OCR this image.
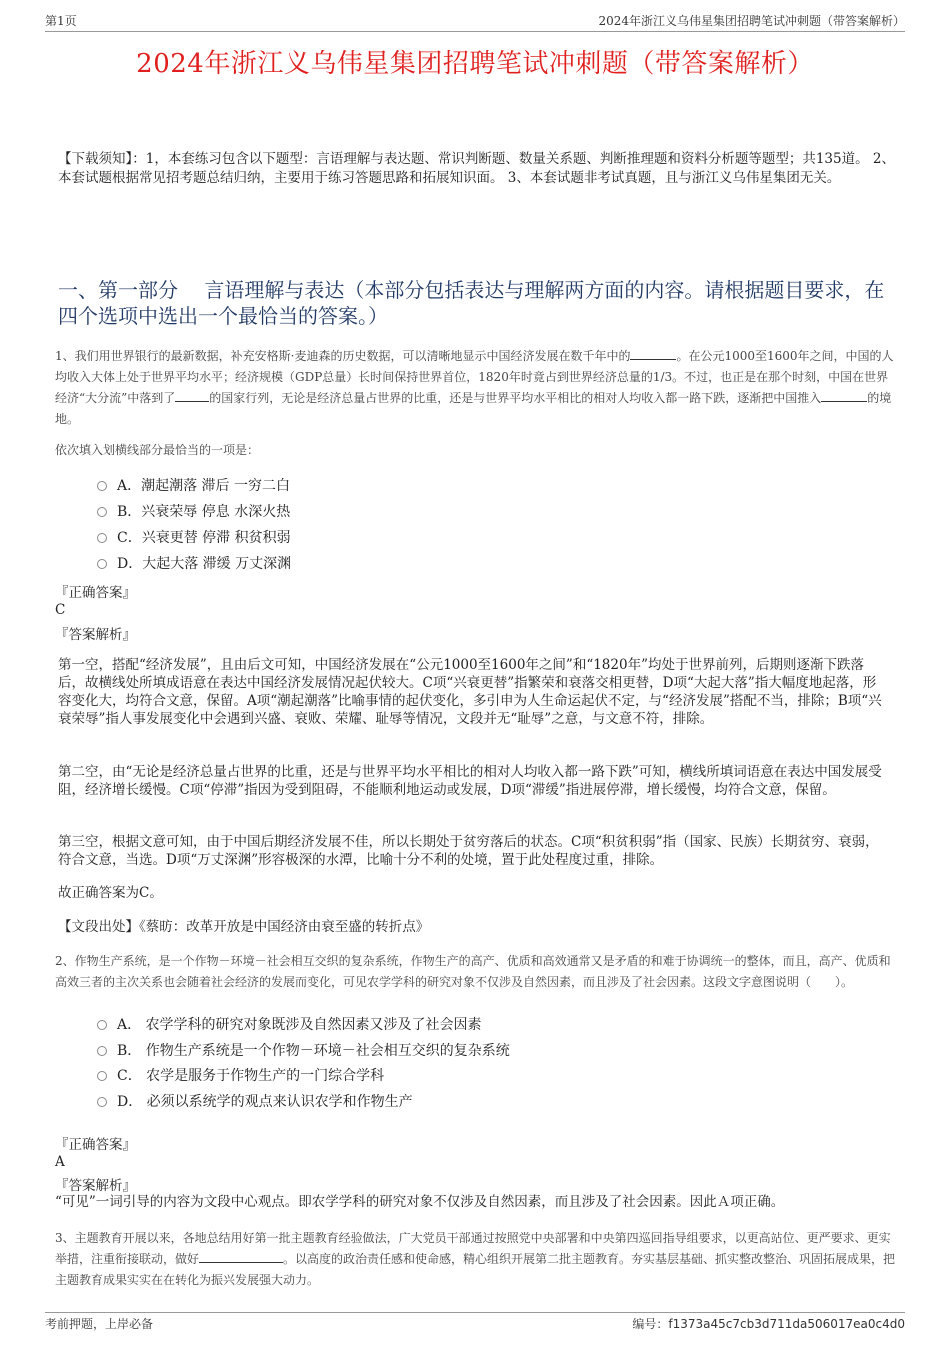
第1页	2024年浙江义乌伟星集团招聘笔试冲刺题（带答案解析）
2024年浙江义乌伟星集团招聘笔试冲刺题（带答案解析）
【下载须知】：1，本套练习包含以下题型：言语理解与表达题、常识判断题、数量关系题、判断推理题和资料分析题等题型；共135道。 2、本套试题根据常见招考题总结归纳，主要用于练习答题思路和拓展知识面。 3、本套试题非考试真题，且与浙江义乌伟星集团无关。
一、第一部分　 言语理解与表达（本部分包括表达与理解两方面的内容。请根据题目要求，在四个选项中选出一个最恰当的答案。）
1、我们用世界银行的最新数据，补充安格斯·麦迪森的历史数据，可以清晰地显示中国经济发展在数千年中的	。在公元1000至1600年之间，中国的人均收入大体上处于世界平均水平；经济规模（GDP总量）长时间保持世界首位，1820年时竟占到世界经济总量的1/3。不过，也正是在那个时刻，中国在世界经济“大分流”中落到了	的国家行列，无论是经济总量占世界的比重，还是与世界平均水平相比的相对人均收入都一路下跌，逐渐把中国推入	的境地。
依次填入划横线部分最恰当的一项是：
A．潮起潮落 滞后 一穷二白
B．兴衰荣辱 停息 水深火热
C．兴衰更替 停滞 积贫积弱
D．大起大落 滞缓 万丈深渊
『正确答案』
C
『答案解析』
第一空，搭配“经济发展”，且由后文可知，中国经济发展在“公元1000至1600年之间”和“1820年”均处于世界前列，后期则逐渐下跌落后，故横线处所填成语意在表达中国经济发展情况起伏较大。C项“兴衰更替”指繁荣和衰落交相更替，D项“大起大落”指大幅度地起落，形容变化大，均符合文意，保留。A项“潮起潮落”比喻事情的起伏变化，多引申为人生命运起伏不定，与“经济发展”搭配不当，排除；B项“兴衰荣辱”指人事发展变化中会遇到兴盛、衰败、荣耀、耻辱等情况，文段并无“耻辱”之意，与文意不符，排除。
第二空，由“无论是经济总量占世界的比重，还是与世界平均水平相比的相对人均收入都一路下跌”可知，横线所填词语意在表达中国发展受阻，经济增长缓慢。C项“停滞”指因为受到阻碍，不能顺利地运动或发展，D项“滞缓”指进展停滞，增长缓慢，均符合文意，保留。
第三空，根据文意可知，由于中国后期经济发展不佳，所以长期处于贫穷落后的状态。C项“积贫积弱”指（国家、民族）长期贫穷、衰弱，符合文意，当选。D项“万丈深渊”形容极深的水潭，比喻十分不利的处境，置于此处程度过重，排除。
故正确答案为C。
【文段出处】《蔡昉：改革开放是中国经济由衰至盛的转折点》
2、作物生产系统，是一个作物－环境－社会相互交织的复杂系统，作物生产的高产、优质和高效通常又是矛盾的和难于协调统一的整体，而且，高产、优质和高效三者的主次关系也会随着社会经济的发展而变化，可见农学学科的研究对象不仅涉及自然因素，而且涉及了社会因素。这段文字意图说明（　　）。
A． 农学学科的研究对象既涉及自然因素又涉及了社会因素
B． 作物生产系统是一个作物－环境－社会相互交织的复杂系统
C． 农学是服务于作物生产的一门综合学科
D． 必须以系统学的观点来认识农学和作物生产
『正确答案』
A
『答案解析』
“可见”一词引导的内容为文段中心观点。即农学学科的研究对象不仅涉及自然因素，而且涉及了社会因素。因此Ａ项正确。
3、主题教育开展以来，各地总结用好第一批主题教育经验做法，广大党员干部通过按照党中央部署和中央第四巡回指导组要求，以更高站位、更严要求、更实举措，注重衔接联动，做好	。以高度的政治责任感和使命感，精心组织开展第二批主题教育。夯实基层基础、抓实整改整治、巩固拓展成果，把主题教育成果实实在在转化为振兴发展强大动力。
考前押题，上岸必备	编号：f1373a45c7cb3d711da506017ea0c4d0
